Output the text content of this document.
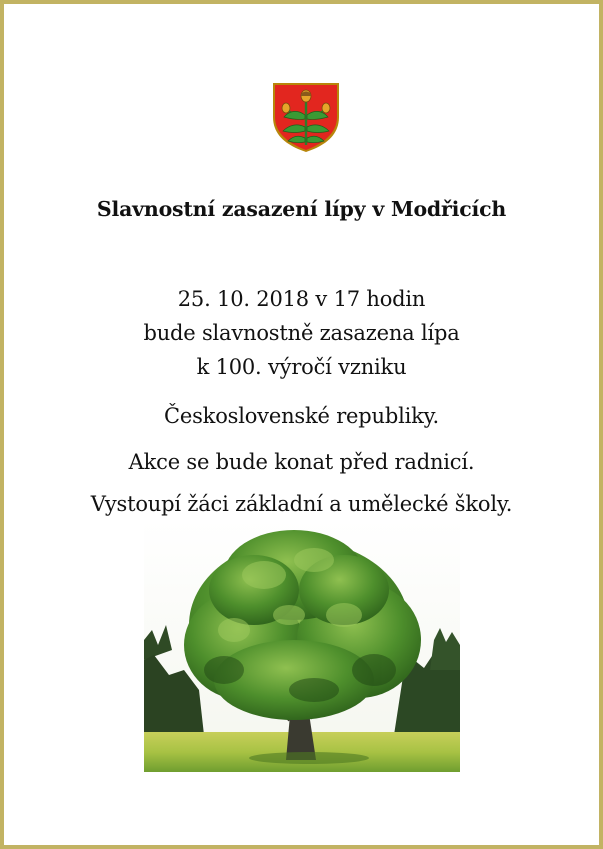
Slavnostní zasazení lípy v Modřicích
25. 10. 2018 v 17 hodin
bude slavnostně zasazena lípa
k 100. výročí vzniku
Československé republiky.
Akce se bude konat před radnicí.
Vystoupí žáci základní a umělecké školy.
